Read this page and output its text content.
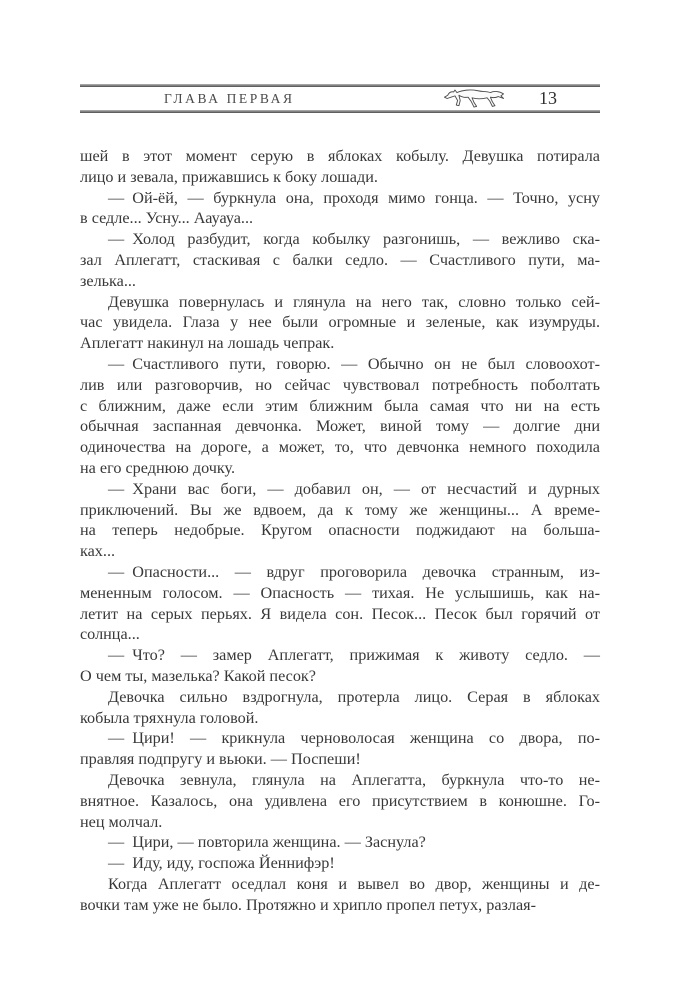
ГЛАВА ПЕРВАЯ	13
шей в этот момент серую в яблоках кобылу. Девушка потирала
лицо и зевала, прижавшись к боку лошади.
— Ой-ёй, — буркнула она, проходя мимо гонца. — Точно, усну
в седле... Усну... Аауауа...
— Холод разбудит, когда кобылку разгонишь, — вежливо ска-
зал Аплегатт, стаскивая с балки седло. — Счастливого пути, ма-
зелька...
Девушка повернулась и глянула на него так, словно только сей-
час увидела. Глаза у нее были огромные и зеленые, как изумруды.
Аплегатт накинул на лошадь чепрак.
— Счастливого пути, говорю. — Обычно он не был словоохот-
лив или разговорчив, но сейчас чувствовал потребность поболтать
с ближним, даже если этим ближним была самая что ни на есть
обычная заспанная девчонка. Может, виной тому — долгие дни
одиночества на дороге, а может, то, что девчонка немного походила
на его среднюю дочку.
— Храни вас боги, — добавил он, — от несчастий и дурных
приключений. Вы же вдвоем, да к тому же женщины... А време-
на теперь недобрые. Кругом опасности поджидают на больша-
ках...
— Опасности... — вдруг проговорила девочка странным, из-
мененным голосом. — Опасность — тихая. Не услышишь, как на-
летит на серых перьях. Я видела сон. Песок... Песок был горячий от
солнца...
— Что? — замер Аплегатт, прижимая к животу седло. —
О чем ты, мазелька? Какой песок?
Девочка сильно вздрогнула, протерла лицо. Серая в яблоках
кобыла тряхнула головой.
— Цири! — крикнула черноволосая женщина со двора, по-
правляя подпругу и вьюки. — Поспеши!
Девочка зевнула, глянула на Аплегатта, буркнула что-то не-
внятное. Казалось, она удивлена его присутствием в конюшне. Го-
нец молчал.
— Цири, — повторила женщина. — Заснула?
— Иду, иду, госпожа Йеннифэр!
Когда Аплегатт оседлал коня и вывел во двор, женщины и де-
вочки там уже не было. Протяжно и хрипло пропел петух, разлая-
